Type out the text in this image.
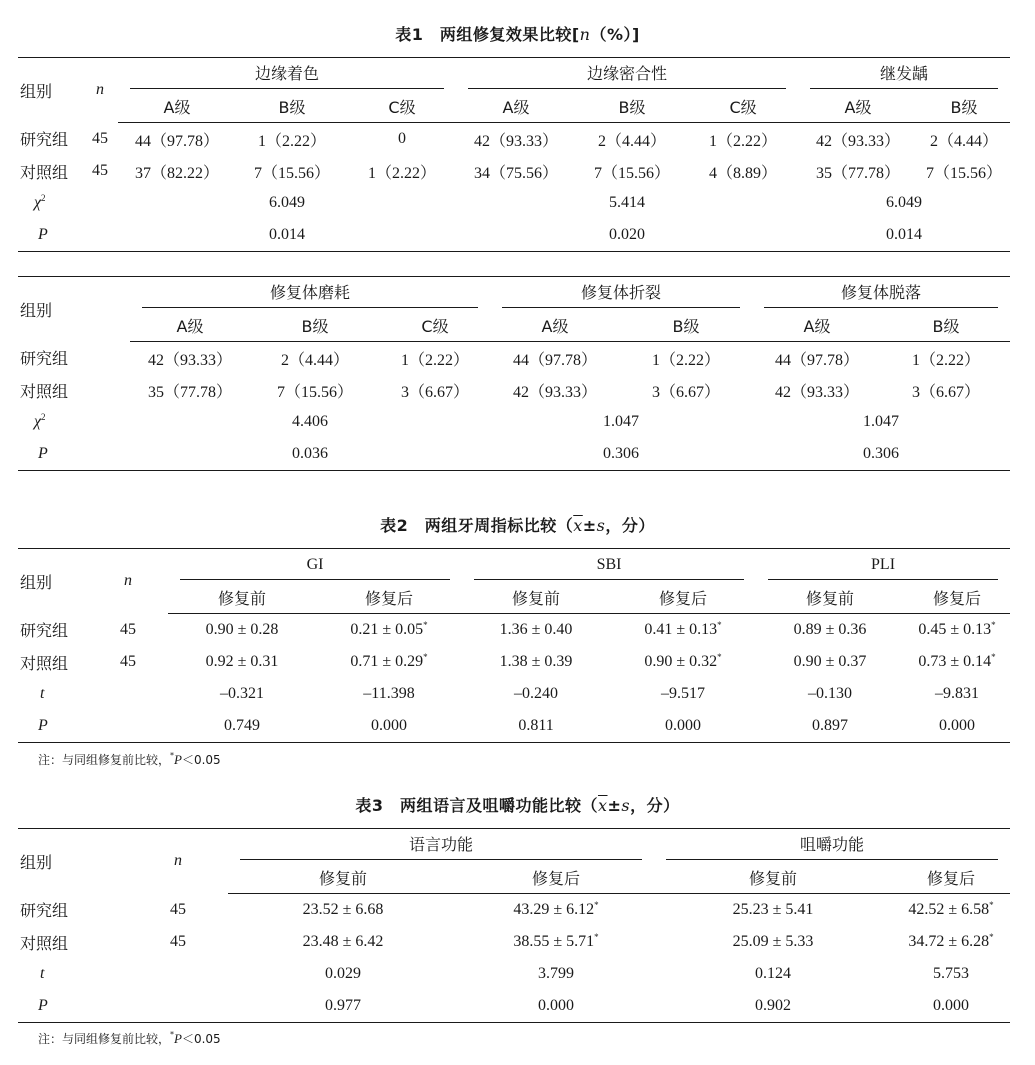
表1　两组修复效果比较[n（%）]
组别	n	边缘着色			边缘密合性			继发龋	

		A级	B级	C级	A级	B级	C级	A级	B级
研究组	45	44（97.78）	1（2.22）	0	42（93.33）	2（4.44）	1（2.22）	42（93.33）	2（4.44）
对照组	45	37（82.22）	7（15.56）	1（2.22）	34（75.56）	7（15.56）	4（8.89）	35（77.78）	7（15.56）
$\chi^2$		6.049			5.414			6.049	
P		0.014			0.020			0.014	
组别	修复体磨耗			修复体折裂		修复体脱落	

	A级	B级	C级	A级	B级	A级	B级
研究组	42（93.33）	2（4.44）	1（2.22）	44（97.78）	1（2.22）	44（97.78）	1（2.22）
对照组	35（77.78）	7（15.56）	3（6.67）	42（93.33）	3（6.67）	42（93.33）	3（6.67）
$\chi^2$	4.406			1.047		1.047	
P	0.036			0.306		0.306	
表2　两组牙周指标比较（$\overline{x}\pm s$，分）
组别	n	GI		SBI		PLI	

		修复前	修复后	修复前	修复后	修复前	修复后
研究组	45	0.90 ± 0.28	0.21 ± 0.05*	1.36 ± 0.40	0.41 ± 0.13*	0.89 ± 0.36	0.45 ± 0.13*
对照组	45	0.92 ± 0.31	0.71 ± 0.29*	1.38 ± 0.39	0.90 ± 0.32*	0.90 ± 0.37	0.73 ± 0.14*
t		–0.321	–11.398	–0.240	–9.517	–0.130	–9.831
P		0.749	0.000	0.811	0.000	0.897	0.000
注：与同组修复前比较，*P＜0.05
表3　两组语言及咀嚼功能比较（$\overline{x}\pm s$，分）
组别	n	语言功能		咀嚼功能	

		修复前	修复后	修复前	修复后
研究组	45	23.52 ± 6.68	43.29 ± 6.12*	25.23 ± 5.41	42.52 ± 6.58*
对照组	45	23.48 ± 6.42	38.55 ± 5.71*	25.09 ± 5.33	34.72 ± 6.28*
t		0.029	3.799	0.124	5.753
P		0.977	0.000	0.902	0.000
注：与同组修复前比较，*P＜0.05
